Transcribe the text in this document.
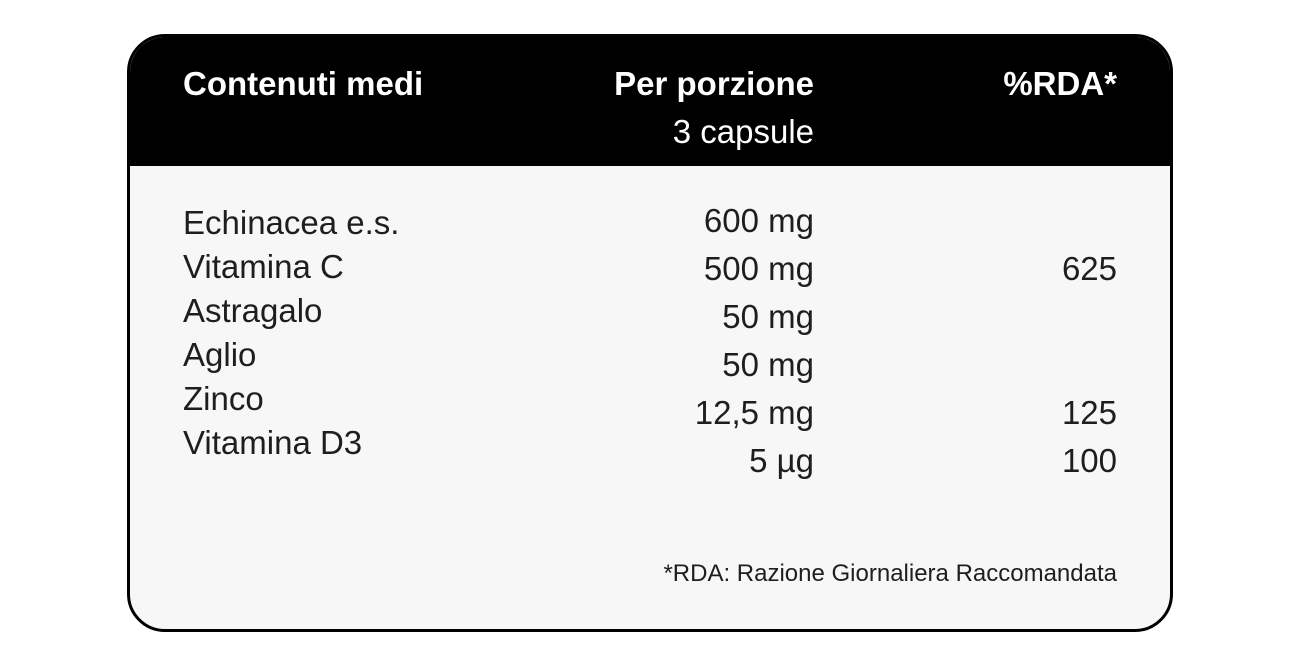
Contenuti medi	Per porzione
3 capsule
%RDA*
Echinacea e.s.
Vitamina C
Astragalo
Aglio
Zinco
Vitamina D3
600 mg
500 mg
50 mg
50 mg
12,5 mg
5 µg
625
125
100
*RDA: Razione Giornaliera Raccomandata
